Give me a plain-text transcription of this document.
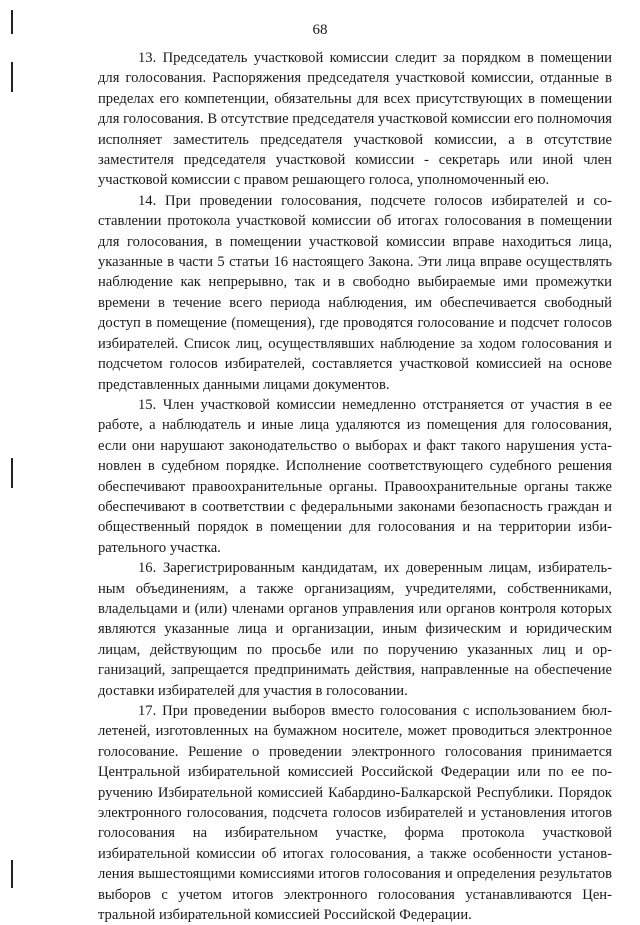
68

13. Председатель участковой комиссии следит за порядком в помещении для голосования. Распоряжения председателя участковой комиссии, отданные в пределах его компетенции, обязательны для всех присутствующих в помещении для голосования. В отсутствие председателя участковой комиссии его полномочия исполняет заместитель председателя участковой комиссии, а в отсутствие заместителя председателя участковой комиссии - секретарь или иной член участковой комиссии с правом решающего голоса, уполномоченный ею.

14. При проведении голосования, подсчете голосов избирателей и составлении протокола участковой комиссии об итогах голосования в помещении для голосования, в помещении участковой комиссии вправе находиться лица, указанные в части 5 статьи 16 настоящего Закона. Эти лица вправе осуществлять наблюдение как непрерывно, так и в свободно выбираемые ими промежутки времени в течение всего периода наблюдения, им обеспечивается свободный доступ в помещение (помещения), где проводятся голосование и подсчет голосов избирателей. Список лиц, осуществлявших наблюдение за ходом голосования и подсчетом голосов избирателей, составляется участковой комиссией на основе представленных данными лицами документов.

15. Член участковой комиссии немедленно отстраняется от участия в ее работе, а наблюдатель и иные лица удаляются из помещения для голосования, если они нарушают законодательство о выборах и факт такого нарушения установлен в судебном порядке. Исполнение соответствующего судебного решения обеспечивают правоохранительные органы. Правоохранительные органы также обеспечивают в соответствии с федеральными законами безопасность граждан и общественный порядок в помещении для голосования и на территории избирательного участка.

16. Зарегистрированным кандидатам, их доверенным лицам, избирательным объединениям, а также организациям, учредителями, собственниками, владельцами и (или) членами органов управления или органов контроля которых являются указанные лица и организации, иным физическим и юридическим лицам, действующим по просьбе или по поручению указанных лиц и организаций, запрещается предпринимать действия, направленные на обеспечение доставки избирателей для участия в голосовании.

17. При проведении выборов вместо голосования с использованием бюллетеней, изготовленных на бумажном носителе, может проводиться электронное голосование. Решение о проведении электронного голосования принимается Центральной избирательной комиссией Российской Федерации или по ее поручению Избирательной комиссией Кабардино-Балкарской Республики. Порядок электронного голосования, подсчета голосов избирателей и установления итогов голосования на избирательном участке, форма протокола участковой избирательной комиссии об итогах голосования, а также особенности установления вышестоящими комиссиями итогов голосования и определения результатов выборов с учетом итогов электронного голосования устанавливаются Центральной избирательной комиссией Российской Федерации.
